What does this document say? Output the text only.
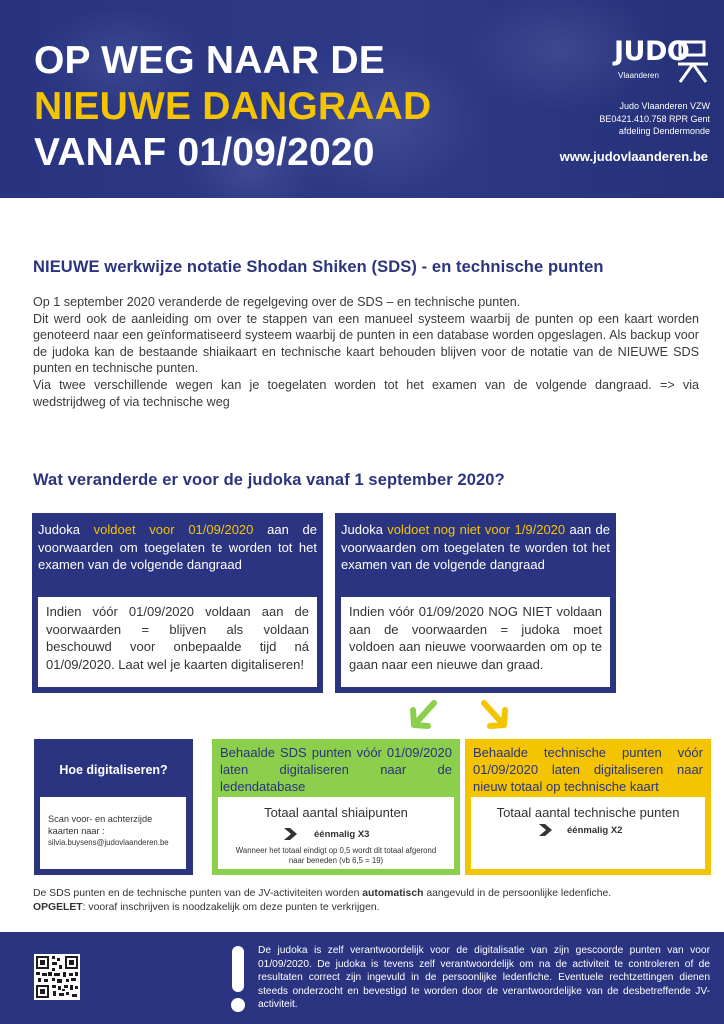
OP WEG NAAR DE
NIEUWE DANGRAAD
VANAF 01/09/2020
JUDO
Vlaanderen
Judo Vlaanderen VZW
BE0421.410.758 RPR Gent
afdeling Dendermonde
www.judovlaanderen.be
NIEUWE werkwijze notatie Shodan Shiken (SDS) - en technische punten

Op 1 september 2020 veranderde de regelgeving over de SDS – en technische punten.

Dit werd ook de aanleiding om over te stappen van een manueel systeem waarbij de punten op een kaart worden genoteerd naar een geïnformatiseerd systeem waarbij de punten in een database worden opgeslagen. Als backup voor de judoka kan de bestaande shiaikaart en technische kaart behouden blijven voor de notatie van de NIEUWE SDS punten en technische punten.

Via twee verschillende wegen kan je toegelaten worden tot het examen van de volgende dangraad. => via wedstrijdweg of via technische weg

Wat veranderde er voor de judoka vanaf 1 september 2020?
Judoka voldoet voor 01/09/2020 aan de voorwaarden om toegelaten te worden tot het examen van de volgende dangraad
Indien vóór 01/09/2020 voldaan aan de voorwaarden = blijven als voldaan beschouwd voor onbepaalde tijd ná 01/09/2020. Laat wel je kaarten digitaliseren!
Judoka voldoet nog niet voor 1/9/2020 aan de voorwaarden om toegelaten te worden tot het examen van de volgende dangraad
Indien vóór 01/09/2020 NOG NIET voldaan aan de voorwaarden = judoka moet voldoen aan nieuwe voorwaarden om op te gaan naar een nieuwe dan graad.
Hoe digitaliseren?
Scan voor- en achterzijde kaarten naar :
silvia.buysens@judovlaanderen.be
Behaalde SDS punten vóór 01/09/2020 laten digitaliseren naar de ledendatabase
Totaal aantal shiaipunten
éénmalig X3
Wanneer het totaal eindigt op 0,5 wordt dit totaal afgerond naar beneden (vb 6,5 = 19)
Behaalde technische punten vóór 01/09/2020 laten digitaliseren naar nieuw totaal op technische kaart
Totaal aantal technische punten
éénmalig X2
De SDS punten en de technische punten van de JV-activiteiten worden automatisch aangevuld in de persoonlijke ledenfiche.
OPGELET: vooraf inschrijven is noodzakelijk om deze punten te verkrijgen.
De judoka is zelf verantwoordelijk voor de digitalisatie van zijn gescoorde punten van voor 01/09/2020. De judoka is tevens zelf verantwoordelijk om na de activiteit te controleren of de resultaten correct zijn ingevuld in de persoonlijke ledenfiche. Eventuele rechtzettingen dienen steeds onderzocht en bevestigd te worden door de verantwoordelijke van de desbetreffende JV-activiteit.
